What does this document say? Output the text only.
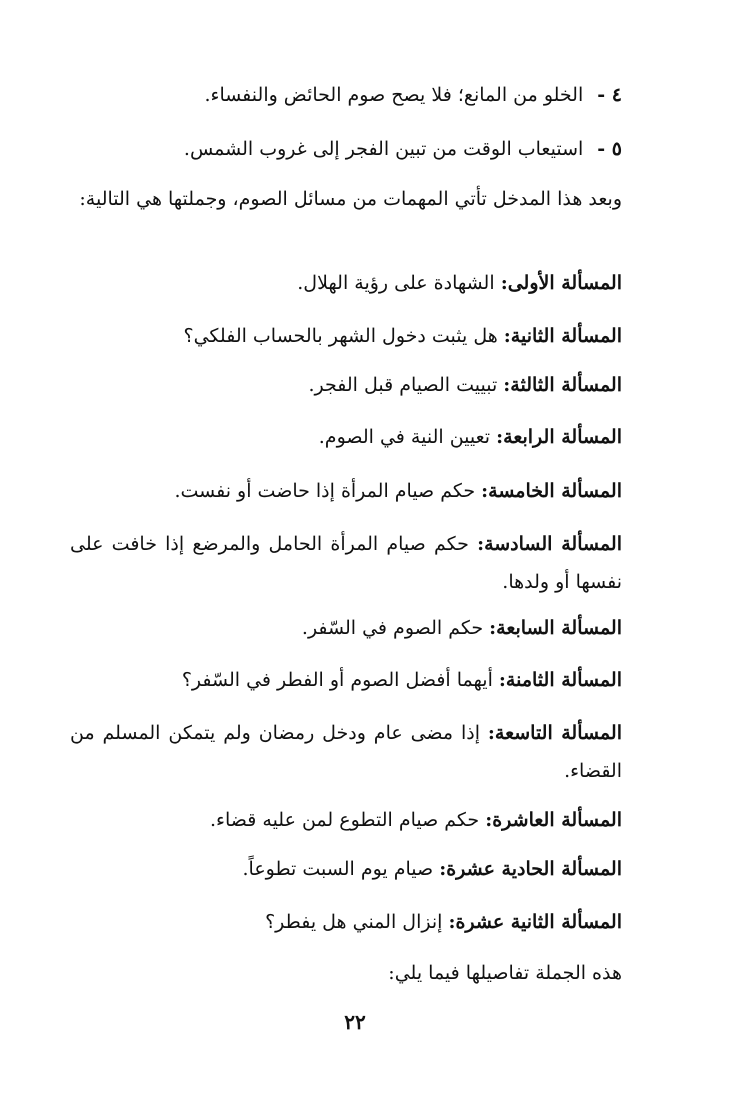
٤ -الخلو من المانع؛ فلا يصح صوم الحائض والنفساء.
٥ -استيعاب الوقت من تبين الفجر إلى غروب الشمس.
وبعد هذا المدخل تأتي المهمات من مسائل الصوم، وجملتها هي التالية:
المسألة الأولى: الشهادة على رؤية الهلال.
المسألة الثانية: هل يثبت دخول الشهر بالحساب الفلكي؟
المسألة الثالثة: تبييت الصيام قبل الفجر.
المسألة الرابعة: تعيين النية في الصوم.
المسألة الخامسة: حكم صيام المرأة إذا حاضت أو نفست.
المسألة السادسة: حكم صيام المرأة الحامل والمرضع إذا خافت على نفسها أو ولدها.
المسألة السابعة: حكم الصوم في السّفر.
المسألة الثامنة: أيهما أفضل الصوم أو الفطر في السّفر؟
المسألة التاسعة: إذا مضى عام ودخل رمضان ولم يتمكن المسلم من القضاء.
المسألة العاشرة: حكم صيام التطوع لمن عليه قضاء.
المسألة الحادية عشرة: صيام يوم السبت تطوعاً.
المسألة الثانية عشرة: إنزال المني هل يفطر؟
هذه الجملة تفاصيلها فيما يلي:
٢٢
